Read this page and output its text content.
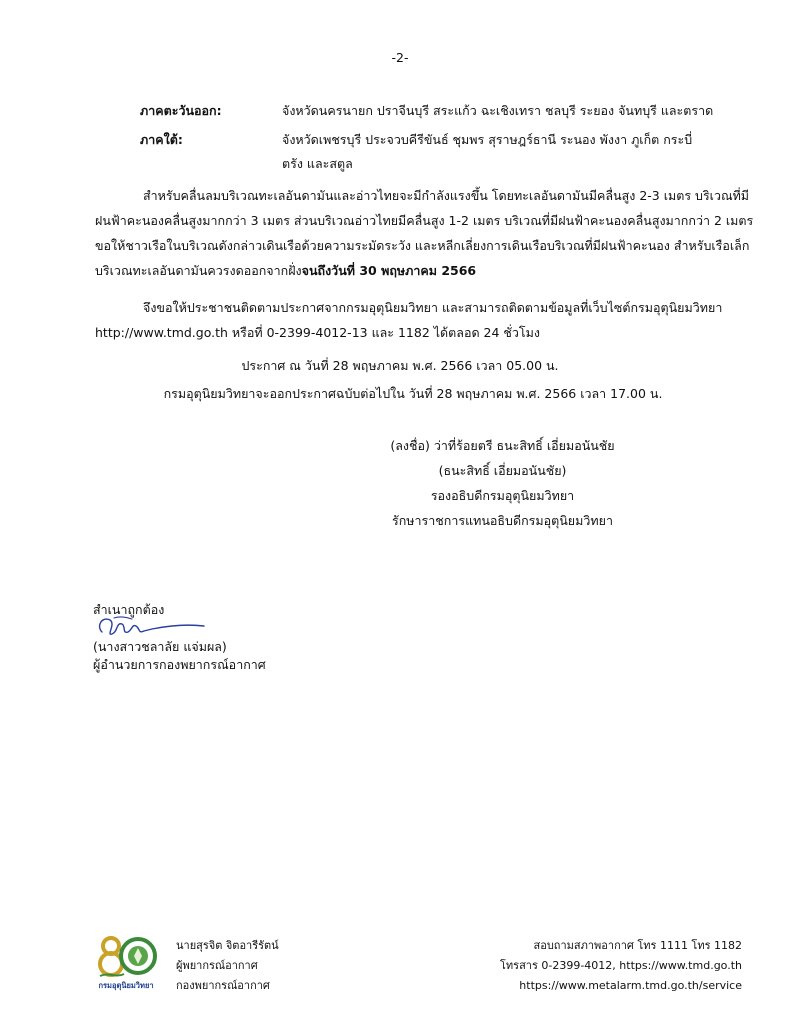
-2-
ภาคตะวันออก:	จังหวัดนครนายก ปราจีนบุรี สระแก้ว ฉะเชิงเทรา ชลบุรี ระยอง จันทบุรี และตราด
ภาคใต้:	จังหวัดเพชรบุรี ประจวบคีรีขันธ์ ชุมพร สุราษฎร์ธานี ระนอง พังงา ภูเก็ต กระบี่
ตรัง และสตูล
สำหรับคลื่นลมบริเวณทะเลอันดามันและอ่าวไทยจะมีกำลังแรงขึ้น โดยทะเลอันดามันมีคลื่นสูง 2-3 เมตร บริเวณที่มี
ฝนฟ้าคะนองคลื่นสูงมากกว่า 3 เมตร ส่วนบริเวณอ่าวไทยมีคลื่นสูง 1-2 เมตร บริเวณที่มีฝนฟ้าคะนองคลื่นสูงมากกว่า 2 เมตร
ขอให้ชาวเรือในบริเวณดังกล่าวเดินเรือด้วยความระมัดระวัง และหลีกเลี่ยงการเดินเรือบริเวณที่มีฝนฟ้าคะนอง สำหรับเรือเล็ก
บริเวณทะเลอันดามันควรงดออกจากฝั่งจนถึงวันที่ 30 พฤษภาคม 2566
จึงขอให้ประชาชนติดตามประกาศจากกรมอุตุนิยมวิทยา และสามารถติดตามข้อมูลที่เว็บไซต์กรมอุตุนิยมวิทยา
http://www.tmd.go.th หรือที่ 0-2399-4012-13 และ 1182 ได้ตลอด 24 ชั่วโมง
ประกาศ ณ วันที่ 28 พฤษภาคม พ.ศ. 2566 เวลา 05.00 น.
กรมอุตุนิยมวิทยาจะออกประกาศฉบับต่อไปใน วันที่ 28 พฤษภาคม พ.ศ. 2566 เวลา 17.00 น.
(ลงชื่อ) ว่าที่ร้อยตรี ธนะสิทธิ์ เอี่ยมอนันชัย
(ธนะสิทธิ์ เอี่ยมอนันชัย)
รองอธิบดีกรมอุตุนิยมวิทยา
รักษาราชการแทนอธิบดีกรมอุตุนิยมวิทยา
สำเนาถูกต้อง
(นางสาวชลาลัย แจ่มผล)
ผู้อำนวยการกองพยากรณ์อากาศ
กรมอุตุนิยมวิทยา
นายสุรจิต จิตอารีรัตน์
ผู้พยากรณ์อากาศ
กองพยากรณ์อากาศ
สอบถามสภาพอากาศ โทร 1111 โทร 1182
โทรสาร 0-2399-4012, https://www.tmd.go.th
https://www.metalarm.tmd.go.th/service
